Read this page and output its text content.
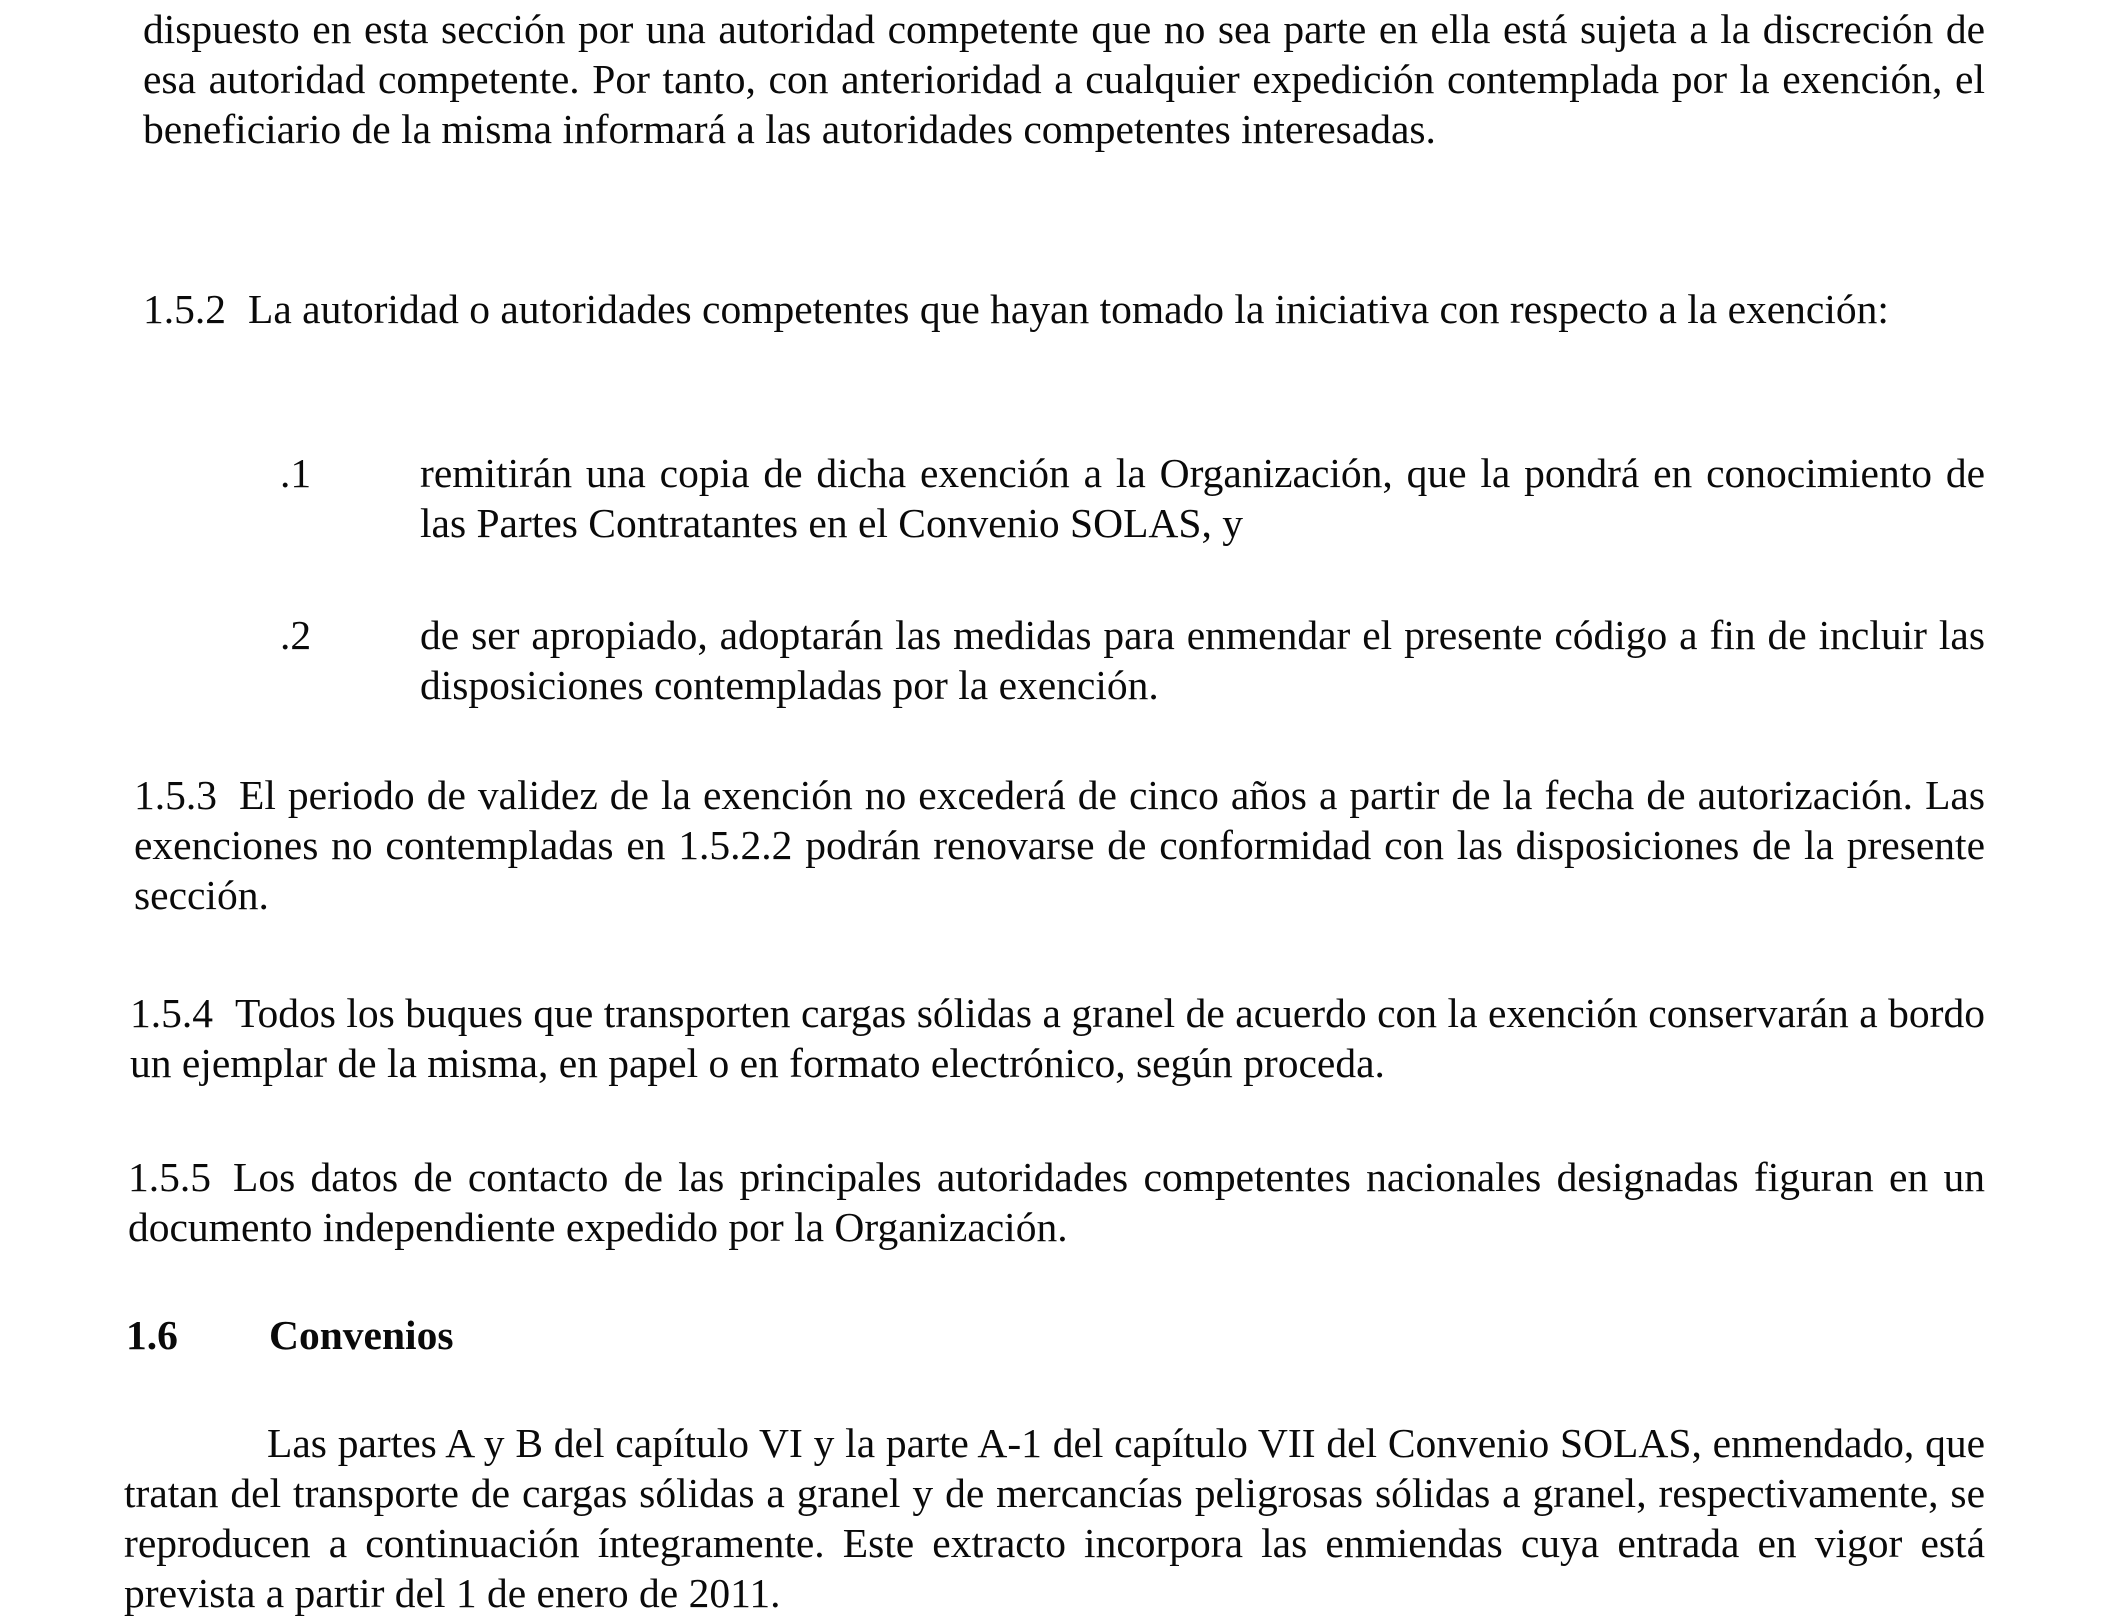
dispuesto en esta sección por una autoridad competente que no sea parte en ella está sujeta a la discreción de esa autoridad competente. Por tanto, con anterioridad a cualquier expedición contemplada por la exención, el beneficiario de la misma informará a las autoridades competentes interesadas.

1.5.2 La autoridad o autoridades competentes que hayan tomado la iniciativa con respecto a la exención:

.1	remitirán una copia de dicha exención a la Organización, que la pondrá en conocimiento de las Partes Contratantes en el Convenio SOLAS, y

.2	de ser apropiado, adoptarán las medidas para enmendar el presente código a fin de incluir las disposiciones contempladas por la exención.

1.5.3 El periodo de validez de la exención no excederá de cinco años a partir de la fecha de autorización. Las exenciones no contempladas en 1.5.2.2 podrán renovarse de conformidad con las disposiciones de la presente sección.

1.5.4 Todos los buques que transporten cargas sólidas a granel de acuerdo con la exención conservarán a bordo un ejemplar de la misma, en papel o en formato electrónico, según proceda.

1.5.5 Los datos de contacto de las principales autoridades competentes nacionales designadas figuran en un documento independiente expedido por la Organización.

1.6 Convenios

Las partes A y B del capítulo VI y la parte A-1 del capítulo VII del Convenio SOLAS, enmendado, que tratan del transporte de cargas sólidas a granel y de mercancías peligrosas sólidas a granel, respectivamente, se reproducen a continuación íntegramente. Este extracto incorpora las enmiendas cuya entrada en vigor está prevista a partir del 1 de enero de 2011.
